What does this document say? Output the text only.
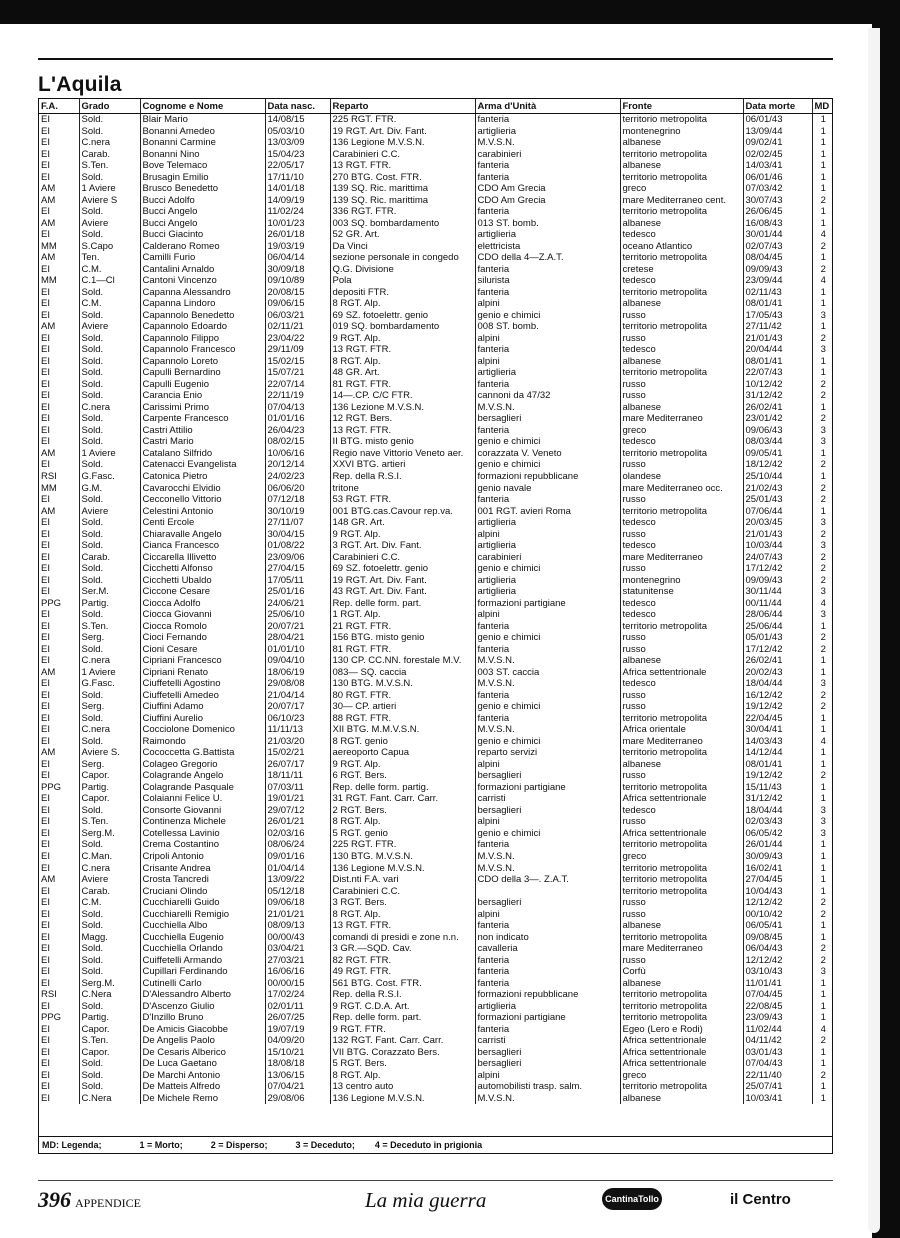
L'Aquila
F.A.	Grado	Cognome e Nome	Data nasc.	Reparto	Arma d'Unità	Fronte	Data morte	MD
EI	Sold.	Blair Mario	14/08/15	225 RGT. FTR.	fanteria	territorio metropolita	06/01/43	1
EI	Sold.	Bonanni Amedeo	05/03/10	19 RGT. Art. Div. Fant.	artiglieria	montenegrino	13/09/44	1
EI	C.nera	Bonanni Carmine	13/03/09	136 Legione M.V.S.N.	M.V.S.N.	albanese	09/02/41	1
EI	Carab.	Bonanni Nino	15/04/23	Carabinieri C.C.	carabinieri	territorio metropolita	02/02/45	1
EI	S.Ten.	Bove Telemaco	22/05/17	13 RGT. FTR.	fanteria	albanese	14/03/41	1
EI	Sold.	Brusagin Emilio	17/11/10	270 BTG. Cost. FTR.	fanteria	territorio metropolita	06/01/46	1
AM	1 Aviere	Brusco Benedetto	14/01/18	139 SQ. Ric. marittima	CDO Am Grecia	greco	07/03/42	1
AM	Aviere S	Bucci Adolfo	14/09/19	139 SQ. Ric. marittima	CDO Am Grecia	mare Mediterraneo cent.	30/07/43	2
EI	Sold.	Bucci Angelo	11/02/24	336 RGT. FTR.	fanteria	territorio metropolita	26/06/45	1
AM	Aviere	Bucci Angelo	10/01/23	003 SQ. bombardamento	013 ST. bomb.	albanese	16/08/43	1
EI	Sold.	Bucci Giacinto	26/01/18	52 GR. Art.	artiglieria	tedesco	30/01/44	4
MM	S.Capo	Calderano Romeo	19/03/19	Da Vinci	elettricista	oceano Atlantico	02/07/43	2
AM	Ten.	Camilli Furio	06/04/14	sezione personale in congedo	CDO della 4—Z.A.T.	territorio metropolita	08/04/45	1
EI	C.M.	Cantalini Arnaldo	30/09/18	Q.G. Divisione	fanteria	cretese	09/09/43	2
MM	C.1—Cl	Cantoni Vincenzo	09/10/89	Pola	silurista	tedesco	23/09/44	4
EI	Sold.	Capanna Alessandro	20/08/15	depositi FTR.	fanteria	territorio metropolita	02/11/43	1
EI	C.M.	Capanna Lindoro	09/06/15	8 RGT. Alp.	alpini	albanese	08/01/41	1
EI	Sold.	Capannolo Benedetto	06/03/21	69 SZ. fotoelettr. genio	genio e chimici	russo	17/05/43	3
AM	Aviere	Capannolo Edoardo	02/11/21	019 SQ. bombardamento	008 ST. bomb.	territorio metropolita	27/11/42	1
EI	Sold.	Capannolo Filippo	23/04/22	9 RGT. Alp.	alpini	russo	21/01/43	2
EI	Sold.	Capannolo Francesco	29/11/09	13 RGT. FTR.	fanteria	tedesco	20/04/44	3
EI	Sold.	Capannolo Loreto	15/02/15	8 RGT. Alp.	alpini	albanese	08/01/41	1
EI	Sold.	Capulli Bernardino	15/07/21	48 GR. Art.	artiglieria	territorio metropolita	22/07/43	1
EI	Sold.	Capulli Eugenio	22/07/14	81 RGT. FTR.	fanteria	russo	10/12/42	2
EI	Sold.	Carancia Enio	22/11/19	14—.CP. C/C FTR.	cannoni da 47/32	russo	31/12/42	2
EI	C.nera	Carissimi Primo	07/04/13	136 Lezione M.V.S.N.	M.V.S.N.	albanese	26/02/41	1
EI	Sold.	Carpente Francesco	01/01/16	12 RGT. Bers.	bersaglieri	mare Mediterraneo	23/01/42	2
EI	Sold.	Castri Attilio	26/04/23	13 RGT. FTR.	fanteria	greco	09/06/43	3
EI	Sold.	Castri Mario	08/02/15	II BTG. misto genio	genio e chimici	tedesco	08/03/44	3
AM	1 Aviere	Catalano Silfrido	10/06/16	Regio nave Vittorio Veneto aer.	corazzata V. Veneto	territorio metropolita	09/05/41	1
EI	Sold.	Catenacci Evangelista	20/12/14	XXVI BTG. artieri	genio e chimici	russo	18/12/42	2
RSI	G.Fasc.	Catonica Pietro	24/02/23	Rep. della R.S.I.	formazioni repubblicane	olandese	25/10/44	1
MM	G.M.	Cavarocchi Elvidio	06/06/20	tritone	genio navale	mare Mediterraneo occ.	21/02/43	2
EI	Sold.	Cecconello Vittorio	07/12/18	53 RGT. FTR.	fanteria	russo	25/01/43	2
AM	Aviere	Celestini Antonio	30/10/19	001 BTG.cas.Cavour rep.va.	001 RGT. avieri Roma	territorio metropolita	07/06/44	1
EI	Sold.	Centi Ercole	27/11/07	148 GR. Art.	artiglieria	tedesco	20/03/45	3
EI	Sold.	Chiaravalle Angelo	30/04/15	9 RGT. Alp.	alpini	russo	21/01/43	2
EI	Sold.	Cianca Francesco	01/08/22	3 RGT. Art. Div. Fant.	artiglieria	tedesco	10/03/44	3
EI	Carab.	Ciccarella Illivetto	23/09/06	Carabinieri C.C.	carabinieri	mare Mediterraneo	24/07/43	2
EI	Sold.	Cicchetti Alfonso	27/04/15	69 SZ. fotoelettr. genio	genio e chimici	russo	17/12/42	2
EI	Sold.	Cicchetti Ubaldo	17/05/11	19 RGT. Art. Div. Fant.	artiglieria	montenegrino	09/09/43	2
EI	Ser.M.	Ciccone Cesare	25/01/16	43 RGT. Art. Div. Fant.	artiglieria	statunitense	30/11/44	3
PPG	Partig.	Ciocca Adolfo	24/06/21	Rep. delle form. part.	formazioni partigiane	tedesco	00/11/44	4
EI	Sold.	Ciocca Giovanni	25/06/10	1 RGT. Alp.	alpini	tedesco	28/06/44	3
EI	S.Ten.	Ciocca Romolo	20/07/21	21 RGT. FTR.	fanteria	territorio metropolita	25/06/44	1
EI	Serg.	Cioci Fernando	28/04/21	156 BTG. misto genio	genio e chimici	russo	05/01/43	2
EI	Sold.	Cioni Cesare	01/01/10	81 RGT. FTR.	fanteria	russo	17/12/42	2
EI	C.nera	Cipriani Francesco	09/04/10	130 CP. CC.NN. forestale M.V.	M.V.S.N.	albanese	26/02/41	1
AM	1 Aviere	Cipriani Renato	18/06/19	083— SQ. caccia	003 ST. caccia	Africa settentrionale	20/02/43	1
EI	G.Fasc.	Ciuffetelli Agostino	29/08/08	130 BTG. M.V.S.N.	M.V.S.N.	tedesco	18/04/44	3
EI	Sold.	Ciuffetelli Amedeo	21/04/14	80 RGT. FTR.	fanteria	russo	16/12/42	2
EI	Serg.	Ciuffini Adamo	20/07/17	30— CP. artieri	genio e chimici	russo	19/12/42	2
EI	Sold.	Ciuffini Aurelio	06/10/23	88 RGT. FTR.	fanteria	territorio metropolita	22/04/45	1
EI	C.nera	Cocciolone Domenico	11/11/13	XII BTG. M.M.V.S.N.	M.V.S.N.	Africa orientale	30/04/41	1
EI	Sold.	Raimondo	21/03/20	8 RGT. genio	genio e chimici	mare Mediterraneo	14/03/43	4
AM	Aviere S.	Cococcetta G.Battista	15/02/21	aereoporto Capua	reparto servizi	territorio metropolita	14/12/44	1
EI	Serg.	Colageo Gregorio	26/07/17	9 RGT. Alp.	alpini	albanese	08/01/41	1
EI	Capor.	Colagrande Angelo	18/11/11	6 RGT. Bers.	bersaglieri	russo	19/12/42	2
PPG	Partig.	Colagrande Pasquale	07/03/11	Rep. delle form. partig.	formazioni partigiane	territorio metropolita	15/11/43	1
EI	Capor.	Colaianni Felice U.	19/01/21	31 RGT. Fant. Carr. Carr.	carristi	Africa settentrionale	31/12/42	1
EI	Sold.	Consorte Giovanni	29/07/12	2 RGT. Bers.	bersaglieri	tedesco	18/04/44	3
EI	S.Ten.	Continenza Michele	26/01/21	8 RGT. Alp.	alpini	russo	02/03/43	3
EI	Serg.M.	Cotellessa Lavinio	02/03/16	5 RGT. genio	genio e chimici	Africa settentrionale	06/05/42	3
EI	Sold.	Crema Costantino	08/06/24	225 RGT. FTR.	fanteria	territorio metropolita	26/01/44	1
EI	C.Man.	Cripoli Antonio	09/01/16	130 BTG. M.V.S.N.	M.V.S.N.	greco	30/09/43	1
EI	C.nera	Crisante Andrea	01/04/14	136 Legione M.V.S.N.	M.V.S.N.	territorio metropolita	16/02/41	1
AM	Aviere	Crosta Tancredi	13/09/22	Dist.nti F.A. vari	CDO della 3—. Z.A.T.	territorio metropolita	27/04/45	1
EI	Carab.	Cruciani Olindo	05/12/18	Carabinieri C.C.		territorio metropolita	10/04/43	1
EI	C.M.	Cucchiarelli Guido	09/06/18	3 RGT. Bers.	bersaglieri	russo	12/12/42	2
EI	Sold.	Cucchiarelli Remigio	21/01/21	8 RGT. Alp.	alpini	russo	00/10/42	2
EI	Sold.	Cucchiella Albo	08/09/13	13 RGT. FTR.	fanteria	albanese	06/05/41	1
EI	Magg.	Cucchiella Eugenio	00/00/43	comandi di presidi e zone n.n.	non indicato	territorio metropolita	09/08/45	1
EI	Sold.	Cucchiella Orlando	03/04/21	3 GR.—SQD. Cav.	cavalleria	mare Mediterraneo	06/04/43	2
EI	Sold.	Cuiffetelli Armando	27/03/21	82 RGT. FTR.	fanteria	russo	12/12/42	2
EI	Sold.	Cupillari Ferdinando	16/06/16	49 RGT. FTR.	fanteria	Corfù	03/10/43	3
EI	Serg.M.	Cutinelli Carlo	00/00/15	561 BTG. Cost. FTR.	fanteria	albanese	11/01/41	1
RSI	C.Nera	D'Alessandro Alberto	17/02/24	Rep. della R.S.I.	formazioni repubblicane	territorio metropolita	07/04/45	1
EI	Sold.	D'Ascenzo Giulio	02/01/11	9 RGT. C.D.A. Art.	artiglieria	territorio metropolita	22/08/45	1
PPG	Partig.	D'Inzillo Bruno	26/07/25	Rep. delle form. part.	formazioni partigiane	territorio metropolita	23/09/43	1
EI	Capor.	De Amicis Giacobbe	19/07/19	9 RGT. FTR.	fanteria	Egeo (Lero e Rodi)	11/02/44	4
EI	S.Ten.	De Angelis Paolo	04/09/20	132 RGT. Fant. Carr. Carr.	carristi	Africa settentrionale	04/11/42	2
EI	Capor.	De Cesaris Alberico	15/10/21	VII BTG. Corazzato Bers.	bersaglieri	Africa settentrionale	03/01/43	1
EI	Sold.	De Luca Gaetano	18/08/18	5 RGT. Bers.	bersaglieri	Africa settentrionale	07/04/43	1
EI	Sold.	De Marchi Antonio	13/06/15	8 RGT. Alp.	alpini	greco	22/11/40	2
EI	Sold.	De Matteis Alfredo	07/04/21	13 centro auto	automobilisti trasp. salm.	territorio metropolita	25/07/41	1
EI	C.Nera	De Michele Remo	29/08/06	136 Legione M.V.S.N.	M.V.S.N.	albanese	10/03/41	1
MD: Legenda;	1 = Morto;	2 = Disperso;	3 = Deceduto; 4 = Deceduto in prigionia
396 APPENDICE	La mia guerra	CantinaTollo	il Centro
